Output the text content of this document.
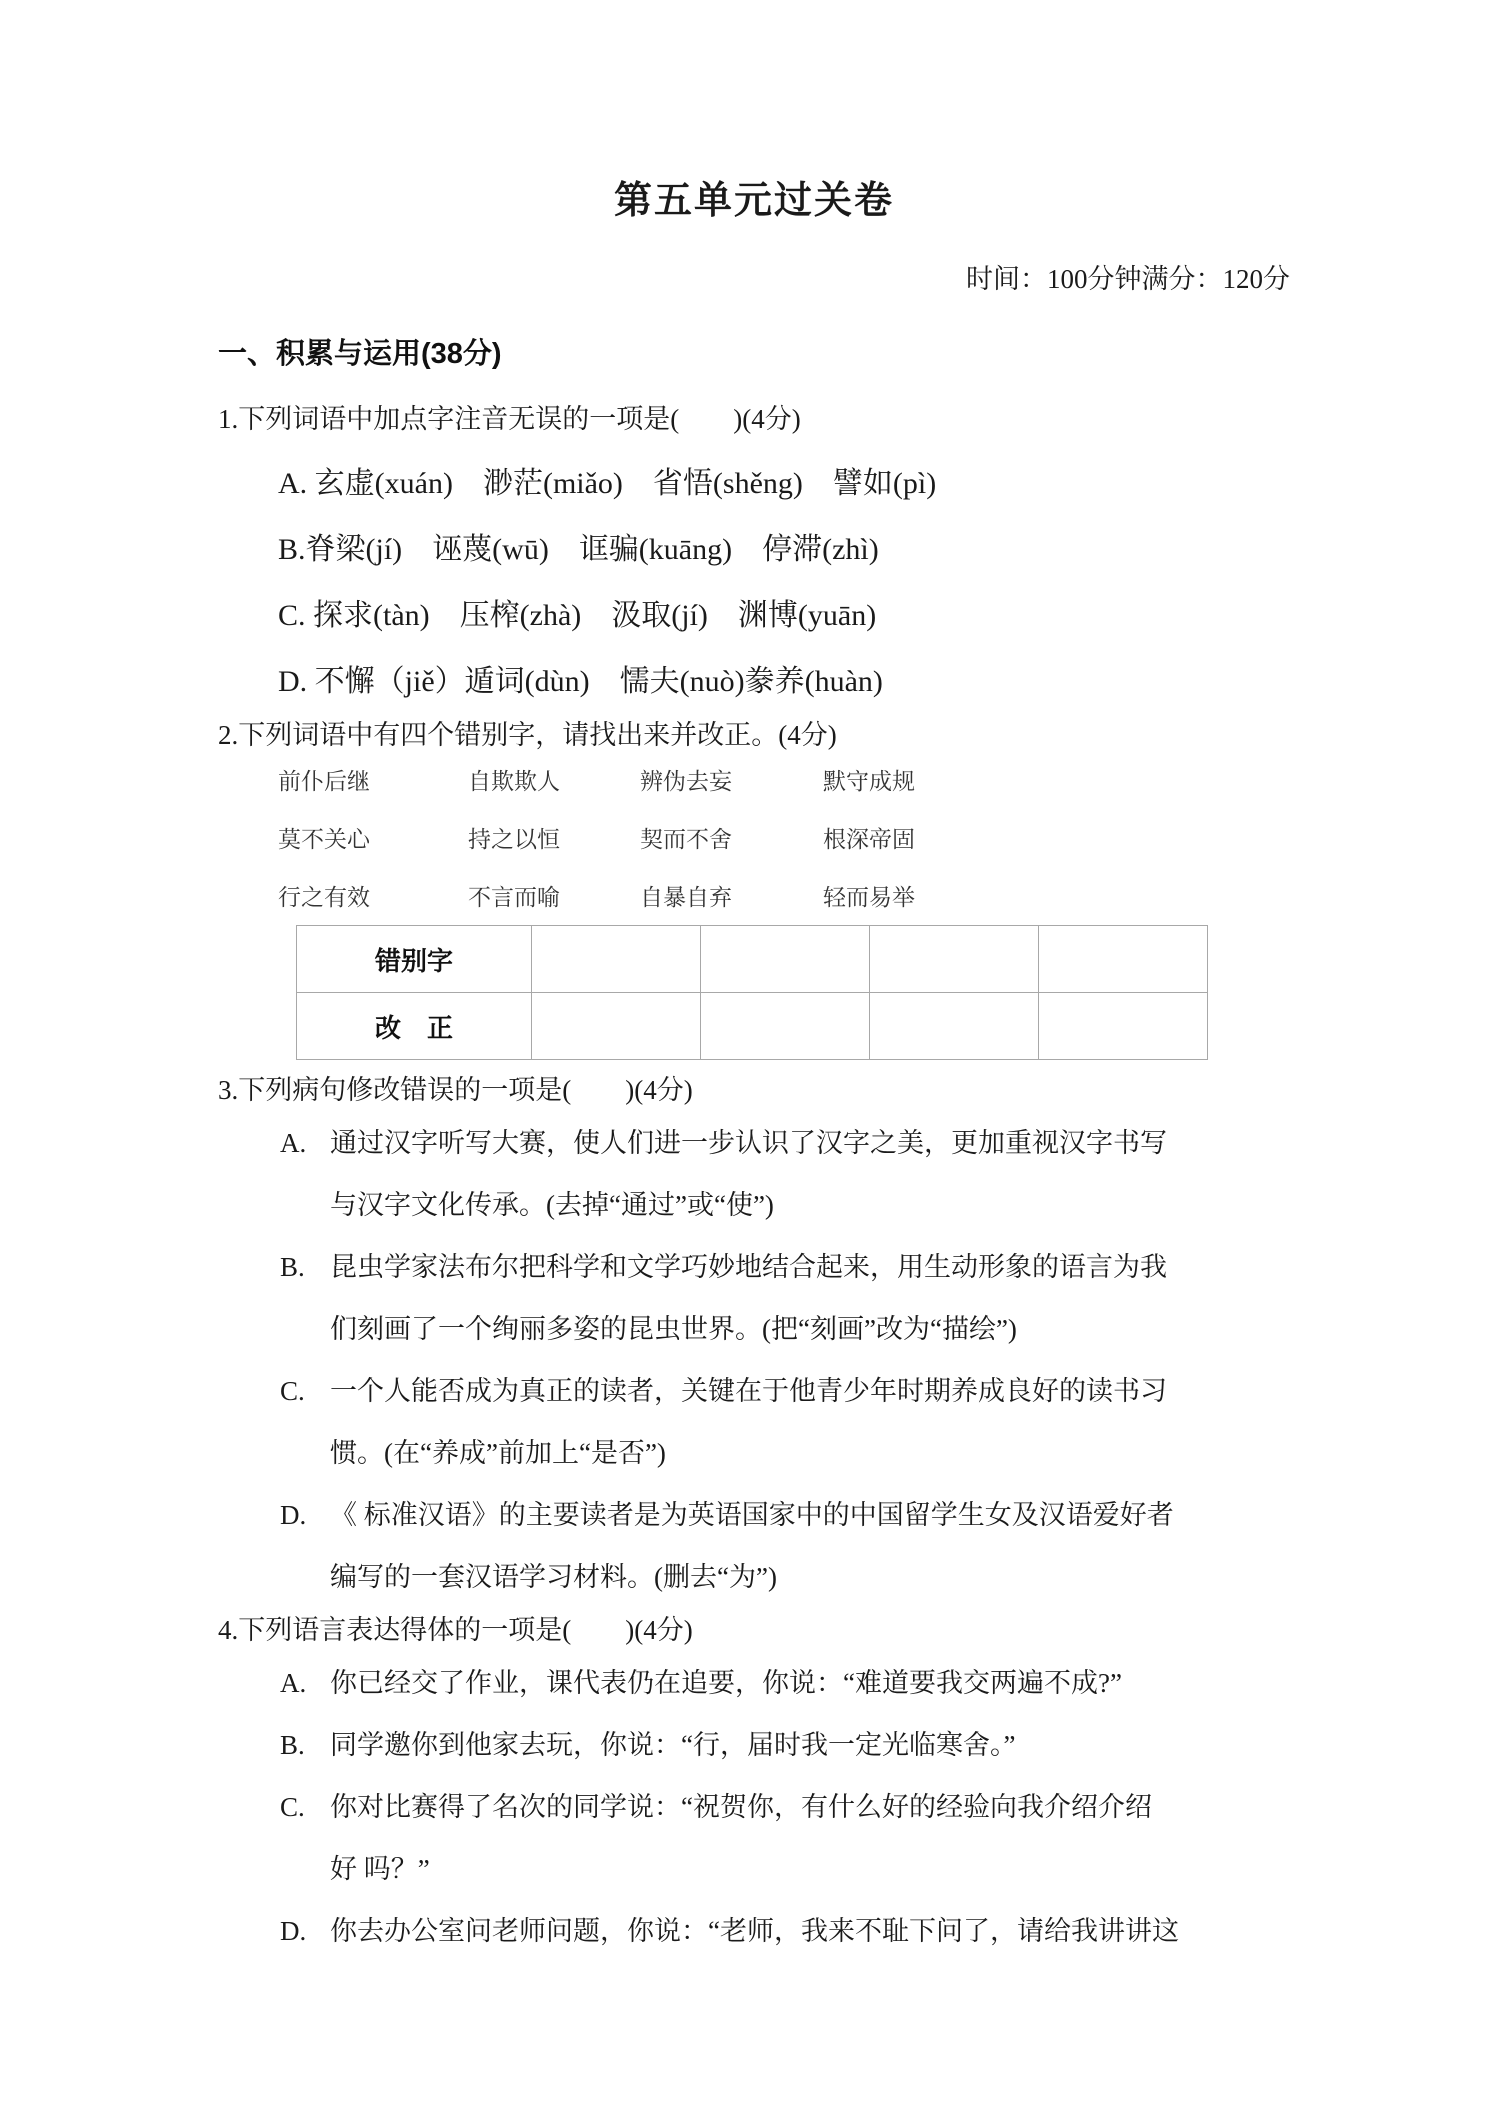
第五单元过关卷
时间：100分钟满分：120分
一、积累与运用(38分)
1.下列词语中加点字注音无误的一项是(　　)(4分)
A. 玄虚(xuán)　渺茫(miǎo)　省悟(shěng)　譬如(pì)
B.脊梁(jí)　诬蔑(wū)　诓骗(kuāng)　停滞(zhì)
C. 探求(tàn)　压榨(zhà)　汲取(jí)　渊博(yuān)
D. 不懈（jiě）遁词(dùn)　懦夫(nuò)豢养(huàn)
2.下列词语中有四个错别字，请找出来并改正。(4分)
前仆后继	自欺欺人	辨伪去妄	默守成规
莫不关心	持之以恒	契而不舍	根深帝固
行之有效	不言而喻	自暴自弃	轻而易举
错别字				
改　正				
3.下列病句修改错误的一项是(　　)(4分)
A. 通过汉字听写大赛，使人们进一步认识了汉字之美，更加重视汉字书写
与汉字文化传承。(去掉“通过”或“使”)
B. 昆虫学家法布尔把科学和文学巧妙地结合起来，用生动形象的语言为我
们刻画了一个绚丽多姿的昆虫世界。(把“刻画”改为“描绘”)
C. 一个人能否成为真正的读者，关键在于他青少年时期养成良好的读书习
惯。(在“养成”前加上“是否”)
D. 《 标准汉语》的主要读者是为英语国家中的中国留学生女及汉语爱好者
编写的一套汉语学习材料。(删去“为”)
4.下列语言表达得体的一项是(　　)(4分)
A. 你已经交了作业，课代表仍在追要，你说：“难道要我交两遍不成?”
B. 同学邀你到他家去玩，你说：“行，届时我一定光临寒舍。”
C. 你对比赛得了名次的同学说：“祝贺你，有什么好的经验向我介绍介绍
好 吗？”
D. 你去办公室问老师问题，你说：“老师，我来不耻下问了，请给我讲讲这
